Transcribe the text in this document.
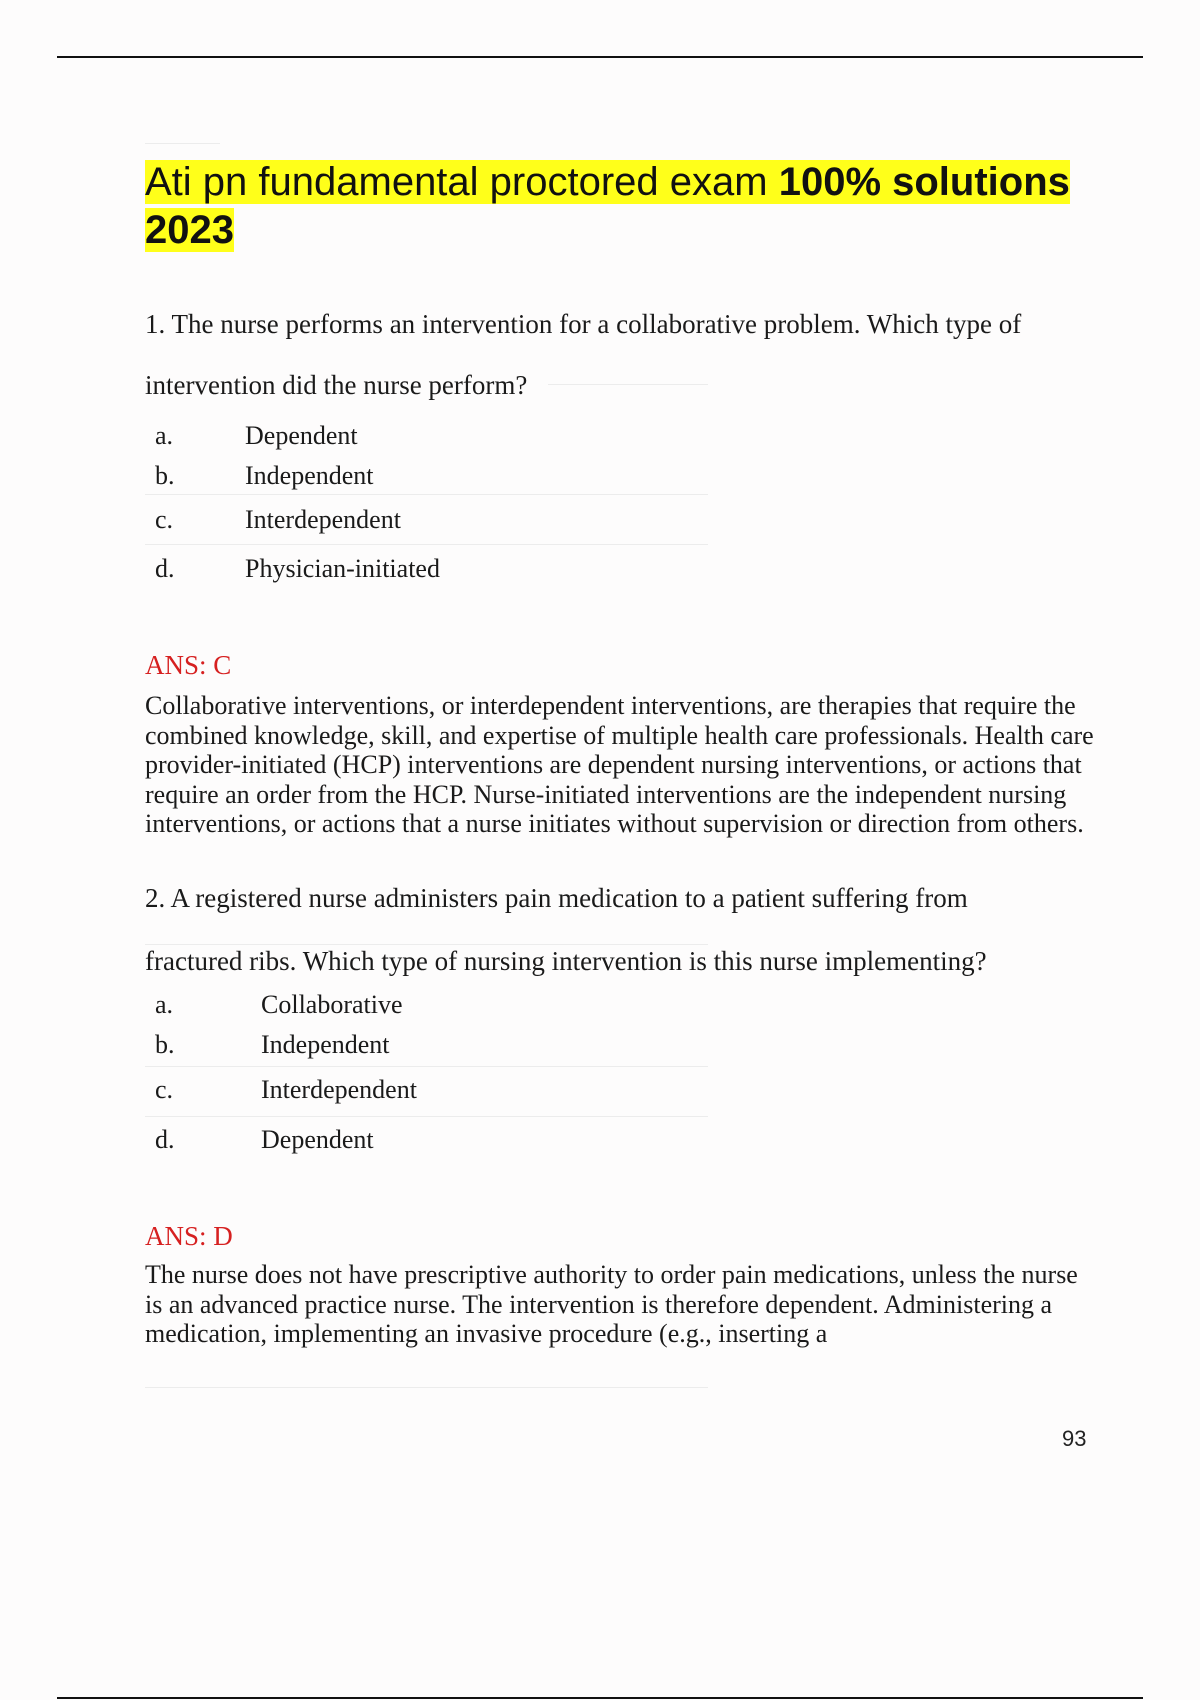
Ati pn fundamental proctored exam 100% solutions 2023
1. The nurse performs an intervention for a collaborative problem. Which type of
intervention did the nurse perform?
a.	Dependent
b.	Independent
c.	Interdependent
d.	Physician-initiated
ANS: C
Collaborative interventions, or interdependent interventions, are therapies that require the combined knowledge, skill, and expertise of multiple health care professionals. Health care provider-initiated (HCP) interventions are dependent nursing interventions, or actions that require an order from the HCP. Nurse-initiated interventions are the independent nursing interventions, or actions that a nurse initiates without supervision or direction from others.
2. A registered nurse administers pain medication to a patient suffering from
fractured ribs. Which type of nursing intervention is this nurse implementing?
a.	Collaborative
b.	Independent
c.	Interdependent
d.	Dependent
ANS: D
The nurse does not have prescriptive authority to order pain medications, unless the nurse is an advanced practice nurse. The intervention is therefore dependent. Administering a medication, implementing an invasive procedure (e.g., inserting a
93
